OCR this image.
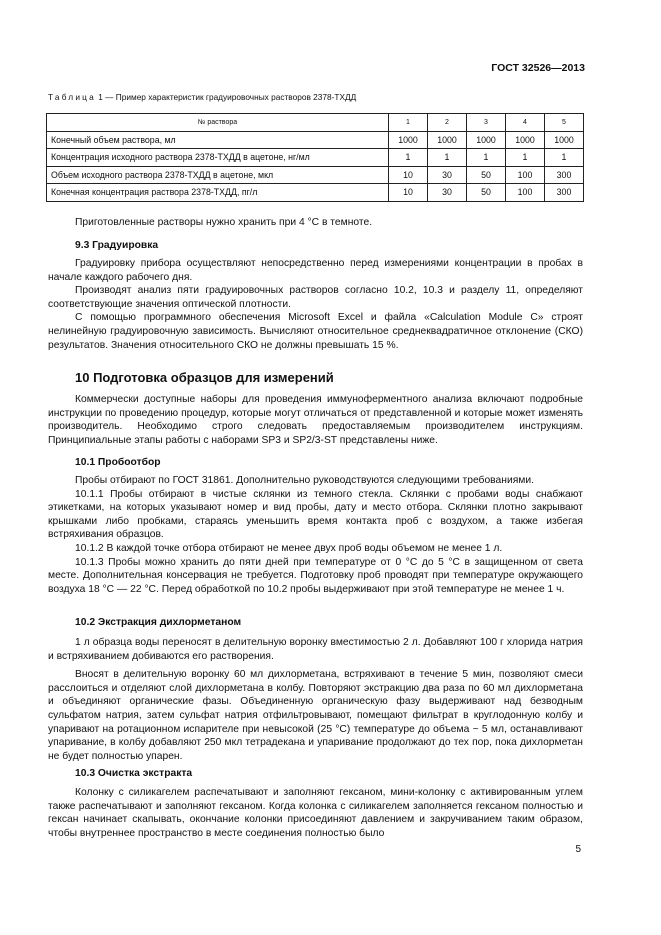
ГОСТ 32526—2013
Таблица 1 — Пример характеристик градуировочных растворов 2378-ТХДД
№ раствора	1	2	3	4	5
Конечный объем раствора, мл	1000	1000	1000	1000	1000
Концентрация исходного раствора 2378-ТХДД в ацетоне, нг/мл	1	1	1	1	1
Объем исходного раствора 2378-ТХДД в ацетоне, мкл	10	30	50	100	300
Конечная концентрация раствора 2378-ТХДД, пг/л	10	30	50	100	300

Приготовленные растворы нужно хранить при 4 °С в темноте.

9.3 Градуировка

Градуировку прибора осуществляют непосредственно перед измерениями концентрации в пробах в начале каждого рабочего дня.

Производят анализ пяти градуировочных растворов согласно 10.2, 10.3 и разделу 11, определяют соответствующие значения оптической плотности.

С помощью программного обеспечения Microsoft Excel и файла «Calculation Module C» строят нелинейную градуировочную зависимость. Вычисляют относительное среднеквадратичное отклонение (СКО) результатов. Значения относительного СКО не должны превышать 15 %.

10 Подготовка образцов для измерений

Коммерчески доступные наборы для проведения иммуноферментного анализа включают подробные инструкции по проведению процедур, которые могут отличаться от представленной и которые может изменять производитель. Необходимо строго следовать предоставляемым производителем инструкциям. Принципиальные этапы работы с наборами SP3 и SP2/3-ST представлены ниже.

10.1 Пробоотбор

Пробы отбирают по ГОСТ 31861. Дополнительно руководствуются следующими требованиями.

10.1.1 Пробы отбирают в чистые склянки из темного стекла. Склянки с пробами воды снабжают этикетками, на которых указывают номер и вид пробы, дату и место отбора. Склянки плотно закрывают крышками либо пробками, стараясь уменьшить время контакта проб с воздухом, а также избегая встряхивания образцов.

10.1.2 В каждой точке отбора отбирают не менее двух проб воды объемом не менее 1 л.

10.1.3 Пробы можно хранить до пяти дней при температуре от 0 °С до 5 °С в защищенном от света месте. Дополнительная консервация не требуется. Подготовку проб проводят при температуре окружающего воздуха 18 °С — 22 °С. Перед обработкой по 10.2 пробы выдерживают при этой температуре не менее 1 ч.

10.2 Экстракция дихлорметаном

1 л образца воды переносят в делительную воронку вместимостью 2 л. Добавляют 100 г хлорида натрия и встряхиванием добиваются его растворения.

Вносят в делительную воронку 60 мл дихлорметана, встряхивают в течение 5 мин, позволяют смеси расслоиться и отделяют слой дихлорметана в колбу. Повторяют экстракцию два раза по 60 мл дихлорметана и объединяют органические фазы. Объединенную органическую фазу выдерживают над безводным сульфатом натрия, затем сульфат натрия отфильтровывают, помещают фильтрат в круглодонную колбу и упаривают на ротационном испарителе при невысокой (25 °С) температуре до объема ~ 5 мл, останавливают упаривание, в колбу добавляют 250 мкл тетрадекана и упаривание продолжают до тех пор, пока дихлорметан не будет полностью упарен.

10.3 Очистка экстракта

Колонку с силикагелем распечатывают и заполняют гексаном, мини-колонку с активированным углем также распечатывают и заполняют гексаном. Когда колонка с силикагелем заполняется гексаном полностью и гексан начинает скапывать, окончание колонки присоединяют давлением и закручиванием таким образом, чтобы внутреннее пространство в месте соединения полностью было

5
